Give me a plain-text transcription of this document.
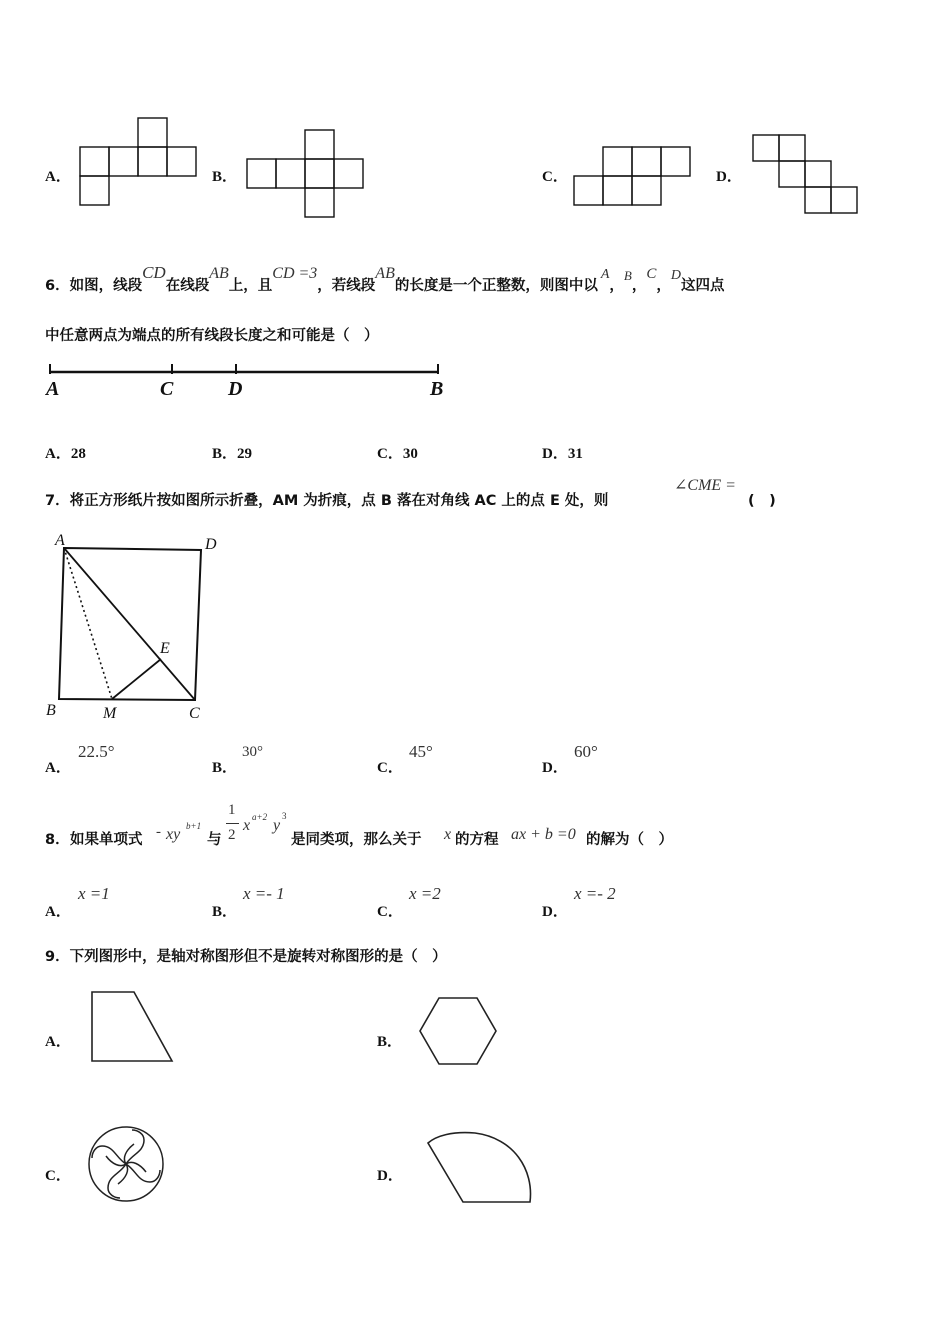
A．	B．	C．	D．
6．如图，线段CD在线段AB上，且CD =3，若线段AB的长度是一个正整数，则图中以A，B，C，D这四点
中任意两点为端点的所有线段长度之和可能是（　）
A	C	D	B
A．28	B．29	C．30	D．31
7．将正方形纸片按如图所示折叠，AM 为折痕，点 B 落在对角线 AC 上的点 E 处，则
∠CME =
(　)
A	D
E
B	M	C
A．
22.5°
B．
30°
C．
45°
D．
60°
8． 如果单项式 - xy b+1
与
1
2
x a+2 y
3
是同类项，那么关于 x 的方程 ax + b =0 的解为（　）
A．
x =1
B．
x =- 1
C．
x =2
D．
x =- 2
9．下列图形中，是轴对称图形但不是旋转对称图形的是（　）
A．	B．
C．	D．
